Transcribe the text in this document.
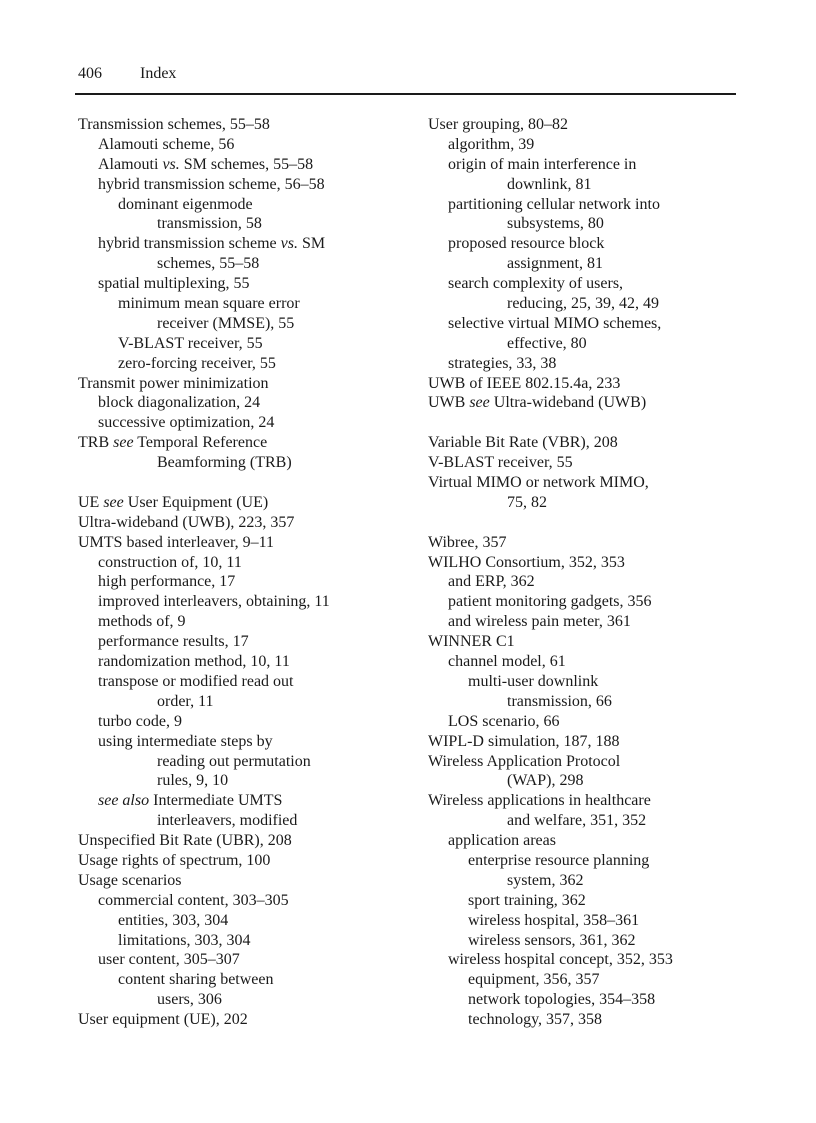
406 Index
Transmission schemes, 55–58
Alamouti scheme, 56
Alamouti vs. SM schemes, 55–58
hybrid transmission scheme, 56–58
dominant eigenmode
transmission, 58
hybrid transmission scheme vs. SM
schemes, 55–58
spatial multiplexing, 55
minimum mean square error
receiver (MMSE), 55
V-BLAST receiver, 55
zero-forcing receiver, 55
Transmit power minimization
block diagonalization, 24
successive optimization, 24
TRB see Temporal Reference
Beamforming (TRB)
UE see User Equipment (UE)
Ultra-wideband (UWB), 223, 357
UMTS based interleaver, 9–11
construction of, 10, 11
high performance, 17
improved interleavers, obtaining, 11
methods of, 9
performance results, 17
randomization method, 10, 11
transpose or modified read out
order, 11
turbo code, 9
using intermediate steps by
reading out permutation
rules, 9, 10
see also Intermediate UMTS
interleavers, modified
Unspecified Bit Rate (UBR), 208
Usage rights of spectrum, 100
Usage scenarios
commercial content, 303–305
entities, 303, 304
limitations, 303, 304
user content, 305–307
content sharing between
users, 306
User equipment (UE), 202
User grouping, 80–82
algorithm, 39
origin of main interference in
downlink, 81
partitioning cellular network into
subsystems, 80
proposed resource block
assignment, 81
search complexity of users,
reducing, 25, 39, 42, 49
selective virtual MIMO schemes,
effective, 80
strategies, 33, 38
UWB of IEEE 802.15.4a, 233
UWB see Ultra-wideband (UWB)
Variable Bit Rate (VBR), 208
V-BLAST receiver, 55
Virtual MIMO or network MIMO,
75, 82
Wibree, 357
WILHO Consortium, 352, 353
and ERP, 362
patient monitoring gadgets, 356
and wireless pain meter, 361
WINNER C1
channel model, 61
multi-user downlink
transmission, 66
LOS scenario, 66
WIPL-D simulation, 187, 188
Wireless Application Protocol
(WAP), 298
Wireless applications in healthcare
and welfare, 351, 352
application areas
enterprise resource planning
system, 362
sport training, 362
wireless hospital, 358–361
wireless sensors, 361, 362
wireless hospital concept, 352, 353
equipment, 356, 357
network topologies, 354–358
technology, 357, 358
